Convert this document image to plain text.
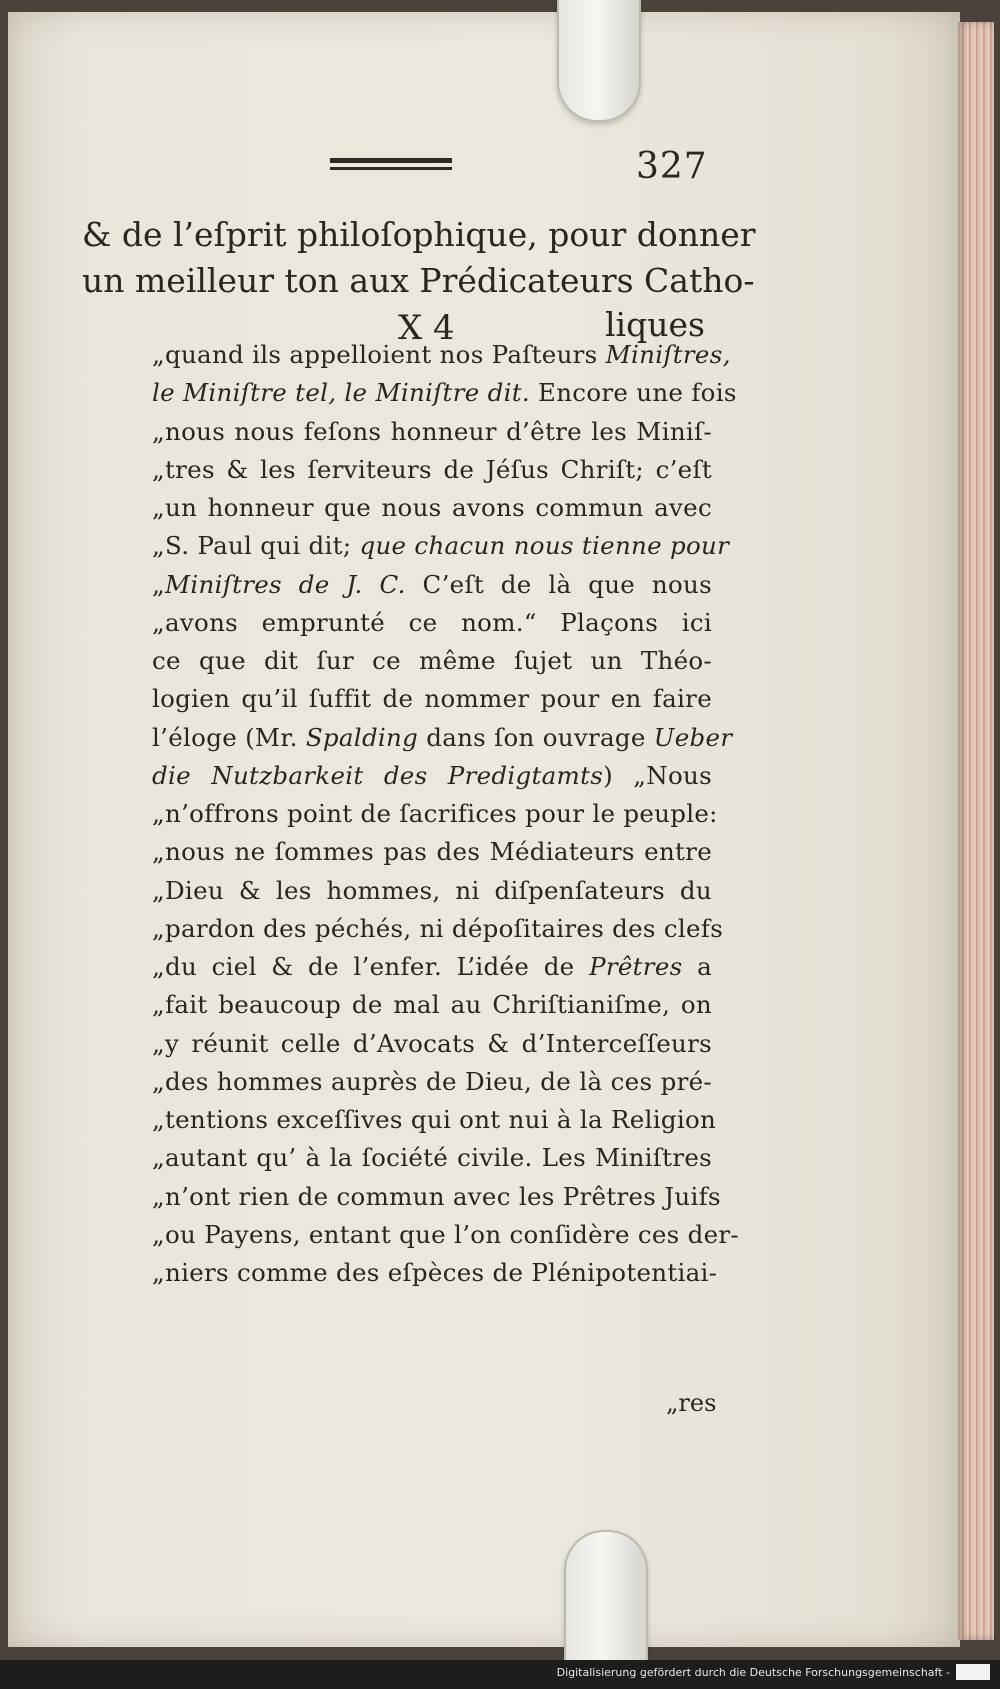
327
& de l’eſprit philoſophique, pour donner
un meilleur ton aux Prédicateurs Catho-
X 4	liques
„quand ils appelloient nos Paſteurs Miniſtres,
le Miniſtre tel, le Miniſtre dit. Encore une fois
„nous nous feſons honneur d’être les Miniſ-
„tres & les ſerviteurs de Jéſus Chriſt; c’eſt
„un honneur que nous avons commun avec
„S. Paul qui dit; que chacun nous tienne pour
„Miniſtres de J. C. C’eſt de là que nous
„avons emprunté ce nom.“ Plaçons ici
ce que dit ſur ce même ſujet un Théo-
logien qu’il ſuffit de nommer pour en faire
l’éloge (Mr. Spalding dans ſon ouvrage Ueber
die Nutzbarkeit des Predigtamts) „Nous
„n’offrons point de ſacrifices pour le peuple:
„nous ne ſommes pas des Médiateurs entre
„Dieu & les hommes, ni diſpenſateurs du
„pardon des péchés, ni dépoſitaires des clefs
„du ciel & de l’enfer. L’idée de Prêtres a
„fait beaucoup de mal au Chriſtianiſme, on
„y réunit celle d’Avocats & d’Interceſſeurs
„des hommes auprès de Dieu, de là ces pré-
„tentions exceſſives qui ont nui à la Religion
„autant qu’ à la ſociété civile. Les Miniſtres
„n’ont rien de commun avec les Prêtres Juifs
„ou Payens, entant que l’on conſidère ces der-
„niers comme des eſpèces de Plénipotentiai-
„res
Digitalisierung gefördert durch die Deutsche Forschungsgemeinschaft -
